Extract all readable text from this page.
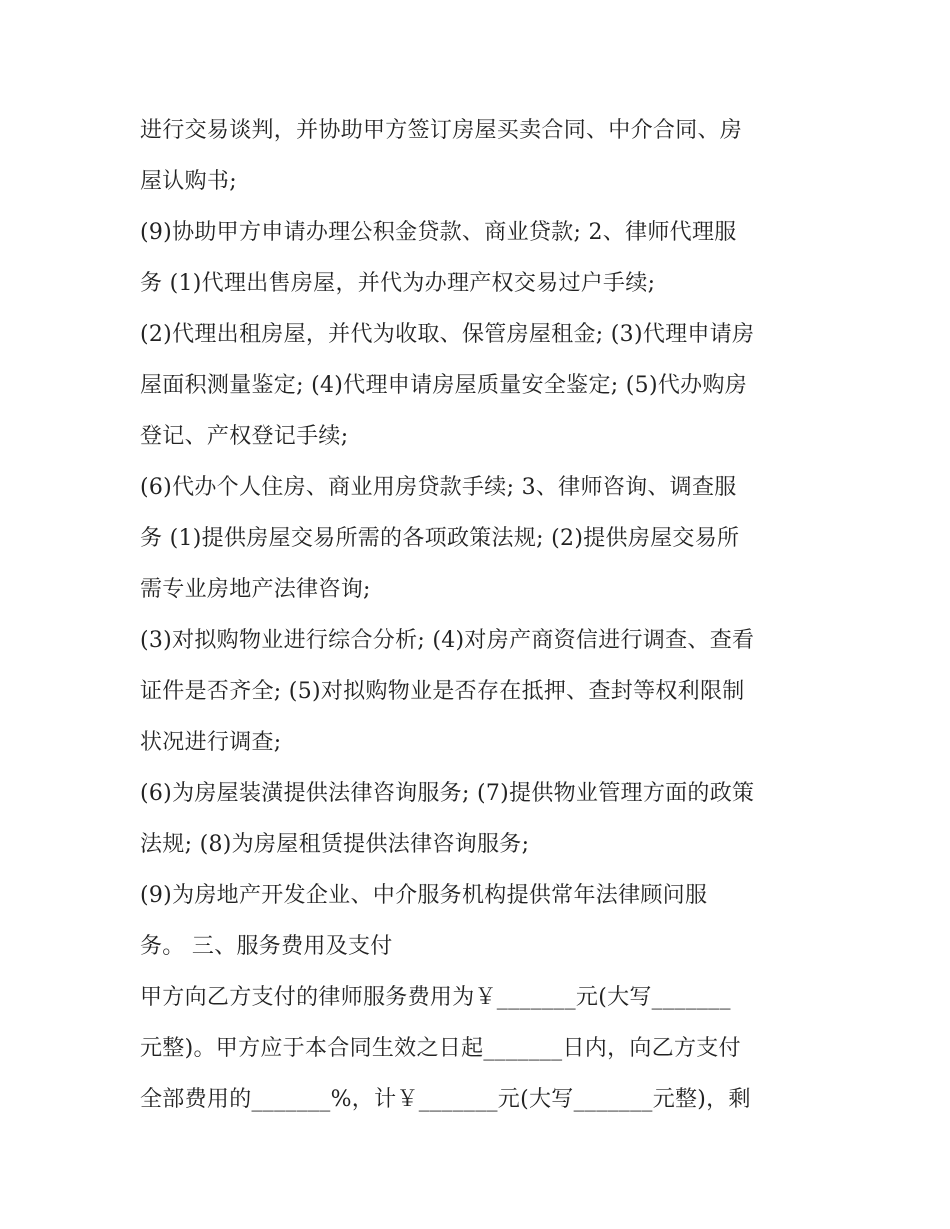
进行交易谈判，并协助甲方签订房屋买卖合同、中介合同、房
屋认购书;
(9)协助甲方申请办理公积金贷款、商业贷款; 2、律师代理服
务 (1)代理出售房屋，并代为办理产权交易过户手续;
(2)代理出租房屋，并代为收取、保管房屋租金; (3)代理申请房
屋面积测量鉴定; (4)代理申请房屋质量安全鉴定; (5)代办购房
登记、产权登记手续;
(6)代办个人住房、商业用房贷款手续; 3、律师咨询、调查服
务 (1)提供房屋交易所需的各项政策法规; (2)提供房屋交易所
需专业房地产法律咨询;
(3)对拟购物业进行综合分析; (4)对房产商资信进行调查、查看
证件是否齐全; (5)对拟购物业是否存在抵押、查封等权利限制
状况进行调查;
(6)为房屋装潢提供法律咨询服务; (7)提供物业管理方面的政策
法规; (8)为房屋租赁提供法律咨询服务;
(9)为房地产开发企业、中介服务机构提供常年法律顾问服
务。 三、服务费用及支付
甲方向乙方支付的律师服务费用为￥_______元(大写_______
元整)。甲方应于本合同生效之日起_______日内，向乙方支付
全部费用的_______%，计￥_______元(大写_______元整)，剩
